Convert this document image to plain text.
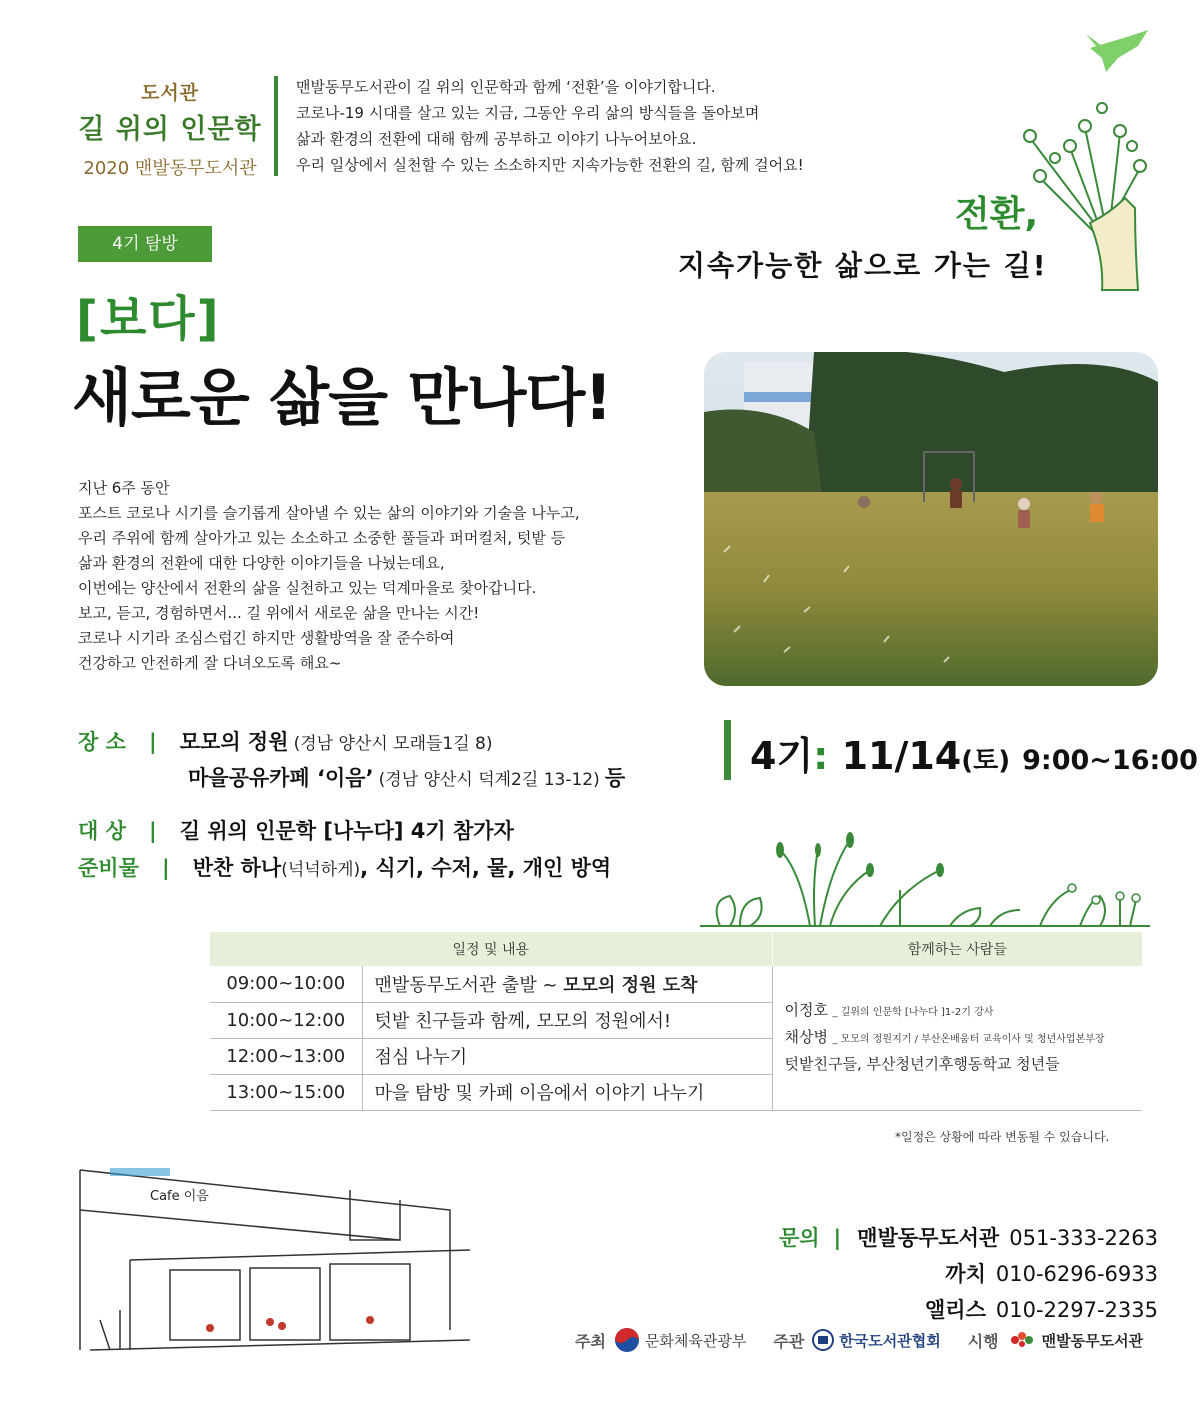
도서관
길 위의 인문학
2020 맨발동무도서관
맨발동무도서관이 길 위의 인문학과 함께 ‘전환’을 이야기합니다.
코로나-19 시대를 살고 있는 지금, 그동안 우리 삶의 방식들을 돌아보며
삶과 환경의 전환에 대해 함께 공부하고 이야기 나누어보아요.
우리 일상에서 실천할 수 있는 소소하지만 지속가능한 전환의 길, 함께 걸어요!
전환,
지속가능한 삶으로 가는 길!
4기 탐방
[보다]
새로운 삶을 만나다!
지난 6주 동안
포스트 코로나 시기를 슬기롭게 살아낼 수 있는 삶의 이야기와 기술을 나누고,
우리 주위에 함께 살아가고 있는 소소하고 소중한 풀들과 퍼머컬처, 텃밭 등
삶과 환경의 전환에 대한 다양한 이야기들을 나눴는데요,
이번에는 양산에서 전환의 삶을 실천하고 있는 덕계마을로 찾아갑니다.
보고, 듣고, 경험하면서... 길 위에서 새로운 삶을 만나는 시간!
코로나 시기라 조심스럽긴 하지만 생활방역을 잘 준수하여
건강하고 안전하게 잘 다녀오도록 해요~
장 소 | 모모의 정원 (경남 양산시 모래들1길 8)
마을공유카페 ‘이음’ (경남 양산시 덕계2길 13-12) 등
대 상 | 길 위의 인문학 [나누다] 4기 참가자
준비물 | 반찬 하나(넉넉하게), 식기, 수저, 물, 개인 방역
4기: 11/14(토) 9:00~16:00
일정 및 내용		함께하는 사람들
09:00~10:00	맨발동무도서관 출발 ~ 모모의 정원 도착	이정호 _ 길위의 인문학 [나누다 ]1-2기 강사
채상병 _ 모모의 정원지기 / 부산온배움터 교육이사 및 청년사업본부장
텃밭친구들, 부산청년기후행동학교 청년들

10:00~12:00	텃밭 친구들과 함께, 모모의 정원에서!	
12:00~13:00	점심 나누기	
13:00~15:00	마을 탐방 및 카페 이음에서 이야기 나누기	
*일정은 상황에 따라 변동될 수 있습니다.
Cafe 이음
문의 | 맨발동무도서관 051-333-2263
까치 010-6296-6933
앨리스 010-2297-2335
주최	문화체육관광부 주관 한국도서관협회 시행	맨발동무도서관
